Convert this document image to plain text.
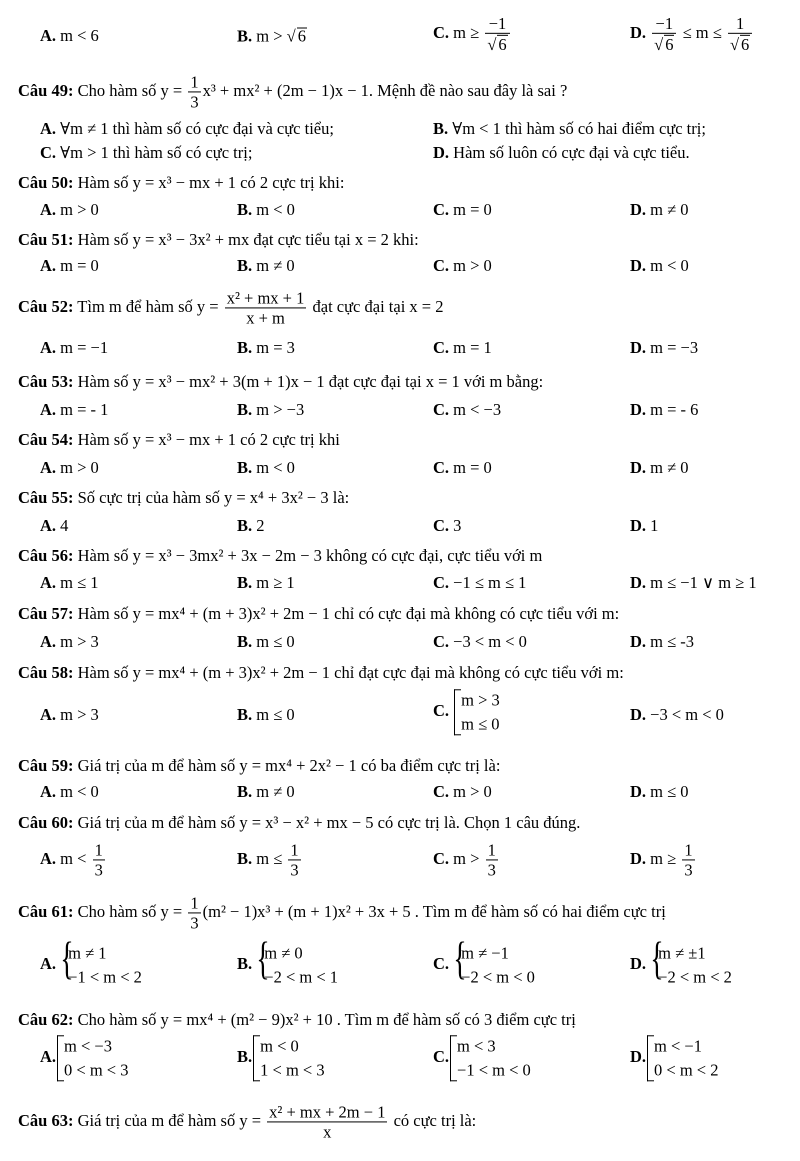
A. m < 6	B. m > √ 6	C. $m \ge \frac{-1}{√ 6}$	D. $\frac{-1}{√ 6} \le m \le \frac{1}{√ 6}$
Câu 49: Cho hàm số $y = \frac{1}{3} x^3 + mx^2 + (2m - 1)x - 1$. Mệnh đề nào sau đây là sai ?
A. ∀m ≠ 1 thì hàm số có cực đại và cực tiểu;	B. ∀m < 1 thì hàm số có hai điểm cực trị;
C. ∀m > 1 thì hàm số có cực trị;	D. Hàm số luôn có cực đại và cực tiểu.
Câu 50: Hàm số y = x³ − mx + 1 có 2 cực trị khi:
A. m > 0	B. m < 0	C. m = 0	D. m ≠ 0
Câu 51: Hàm số y = x³ − 3x² + mx đạt cực tiểu tại x = 2 khi:
A. m = 0	B. m ≠ 0	C. m > 0	D. m < 0
Câu 52: Tìm m để hàm số $y = \frac{\text{x² + mx + 1}}{x + m}$ đạt cực đại tại x = 2
A. m = −1	B. m = 3	C. m = 1	D. m = −3
Câu 53: Hàm số y = x³ − mx² + 3(m + 1)x − 1 đạt cực đại tại x = 1 với m bằng:
A. m = - 1	B. m > −3	C. m < −3	D. m = - 6
Câu 54: Hàm số y = x³ − mx + 1 có 2 cực trị khi
A. m > 0	B. m < 0	C. m = 0	D. m ≠ 0
Câu 55: Số cực trị của hàm số y = x⁴ + 3x² − 3 là:
A. 4	B. 2	C. 3	D. 1
Câu 56: Hàm số y = x³ − 3mx² + 3x − 2m − 3 không có cực đại, cực tiểu với m
A. m ≤ 1	B. m ≥ 1	C. −1 ≤ m ≤ 1	D. m ≤ −1 ∨ m ≥ 1
Câu 57: Hàm số y = mx⁴ + (m + 3)x² + 2m − 1 chỉ có cực đại mà không có cực tiểu với m:
A. m > 3	B. m ≤ 0	C. −3 < m < 0	D. m ≤ -3
Câu 58: Hàm số y = mx⁴ + (m + 3)x² + 2m − 1 chỉ đạt cực đại mà không có cực tiểu với m:
A. m > 3	B. m ≤ 0	C.
m > 3
m ≤ 0	D. −3 < m < 0
Câu 59: Giá trị của m để hàm số y = mx⁴ + 2x² − 1 có ba điểm cực trị là:
A. m < 0	B. m ≠ 0	C. m > 0	D. m ≤ 0
Câu 60: Giá trị của m để hàm số y = x³ − x² + mx − 5 có cực trị là. Chọn 1 câu đúng.
A. $m < \frac{1}{3}$	B. $m \le \frac{1}{3}$	C. $m > \frac{1}{3}$	D. $m \ge \frac{1}{3}$
Câu 61: Cho hàm số $y = \frac{1}{3} (m^2 - 1)x^3 + (m + 1)x^2 + 3x + 5$ . Tìm m để hàm số có hai điểm cực trị
A.
{ m ≠ 1
−1 < m < 2
B.
{ m ≠ 0
−2 < m < 1
C.
{ m ≠ −1
−2 < m < 0
D.
{ m ≠ ±1
−2 < m < 2
Câu 62: Cho hàm số y = mx⁴ + (m² − 9)x² + 10 . Tìm m để hàm số có 3 điểm cực trị
A.
m < −3
0 < m < 3
B.
m < 0
1 < m < 3
C.
m < 3
−1 < m < 0
D.
m < −1
0 < m < 2
Câu 63: Giá trị của m để hàm số $y = \frac{\text{x² + mx + 2m − 1}}{x}$ có cực trị là:
